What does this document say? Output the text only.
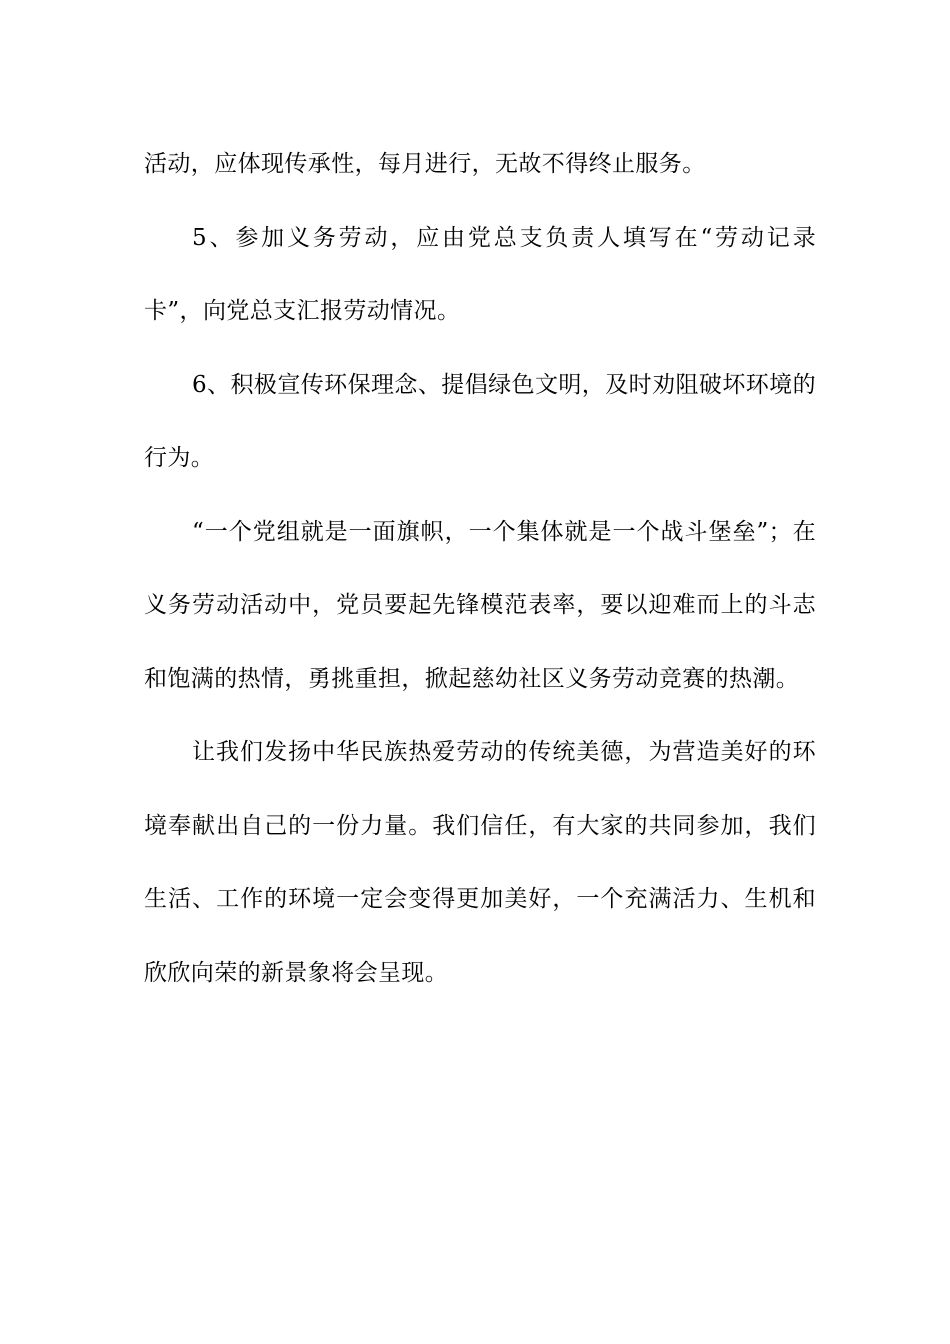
活动，应体现传承性，每月进行，无故不得终止服务。

5、参加义务劳动，应由党总支负责人填写在“劳动记录卡”，向党总支汇报劳动情况。

6、积极宣传环保理念、提倡绿色文明，及时劝阻破坏环境的行为。

“一个党组就是一面旗帜，一个集体就是一个战斗堡垒”；在义务劳动活动中，党员要起先锋模范表率，要以迎难而上的斗志和饱满的热情，勇挑重担，掀起慈幼社区义务劳动竞赛的热潮。

让我们发扬中华民族热爱劳动的传统美德，为营造美好的环境奉献出自己的一份力量。我们信任，有大家的共同参加，我们生活、工作的环境一定会变得更加美好，一个充满活力、生机和欣欣向荣的新景象将会呈现。
